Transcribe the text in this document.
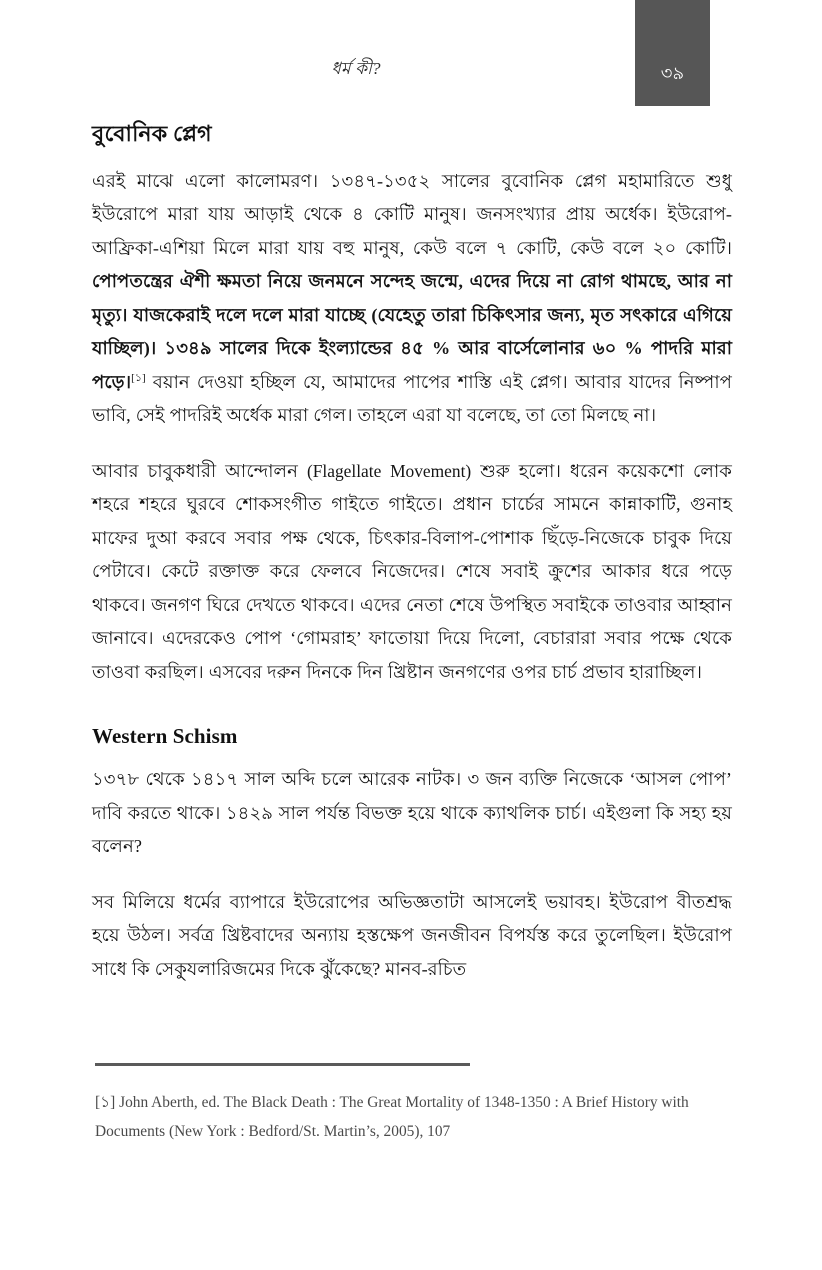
ধর্ম কী?	৩৯
বুবোনিক প্লেগ

এরই মাঝে এলো কালোমরণ। ১৩৪৭-১৩৫২ সালের বুবোনিক প্লেগ মহামারিতে শুধু ইউরোপে মারা যায় আড়াই থেকে ৪ কোটি মানুষ। জনসংখ্যার প্রায় অর্ধেক। ইউরোপ-আফ্রিকা-এশিয়া মিলে মারা যায় বহু মানুষ, কেউ বলে ৭ কোটি, কেউ বলে ২০ কোটি। পোপতন্ত্রের ঐশী ক্ষমতা নিয়ে জনমনে সন্দেহ জন্মে, এদের দিয়ে না রোগ থামছে, আর না মৃত্যু। যাজকেরাই দলে দলে মারা যাচ্ছে (যেহেতু তারা চিকিৎসার জন্য, মৃত সৎকারে এগিয়ে যাচ্ছিল)। ১৩৪৯ সালের দিকে ইংল্যান্ডের ৪৫ % আর বার্সেলোনার ৬০ % পাদরি মারা পড়ে।[১] বয়ান দেওয়া হচ্ছিল যে, আমাদের পাপের শাস্তি এই প্লেগ। আবার যাদের নিষ্পাপ ভাবি, সেই পাদরিই অর্ধেক মারা গেল। তাহলে এরা যা বলেছে, তা তো মিলছে না।

আবার চাবুকধারী আন্দোলন (Flagellate Movement) শুরু হলো। ধরেন কয়েকশো লোক শহরে শহরে ঘুরবে শোকসংগীত গাইতে গাইতে। প্রধান চার্চের সামনে কান্নাকাটি, গুনাহ মাফের দুআ করবে সবার পক্ষ থেকে, চিৎকার-বিলাপ-পোশাক ছিঁড়ে-নিজেকে চাবুক দিয়ে পেটাবে। কেটে রক্তাক্ত করে ফেলবে নিজেদের। শেষে সবাই ক্রুশের আকার ধরে পড়ে থাকবে। জনগণ ঘিরে দেখতে থাকবে। এদের নেতা শেষে উপস্থিত সবাইকে তাওবার আহ্বান জানাবে। এদেরকেও পোপ ‘গোমরাহ’ ফাতোয়া দিয়ে দিলো, বেচারারা সবার পক্ষে থেকে তাওবা করছিল। এসবের দরুন দিনকে দিন খ্রিষ্টান জনগণের ওপর চার্চ প্রভাব হারাচ্ছিল।

Western Schism

১৩৭৮ থেকে ১৪১৭ সাল অব্দি চলে আরেক নাটক। ৩ জন ব্যক্তি নিজেকে ‘আসল পোপ’ দাবি করতে থাকে। ১৪২৯ সাল পর্যন্ত বিভক্ত হয়ে থাকে ক্যাথলিক চার্চ। এইগুলা কি সহ্য হয় বলেন?

সব মিলিয়ে ধর্মের ব্যাপারে ইউরোপের অভিজ্ঞতাটা আসলেই ভয়াবহ। ইউরোপ বীতশ্রদ্ধ হয়ে উঠল। সর্বত্র খ্রিষ্টবাদের অন্যায় হস্তক্ষেপ জনজীবন বিপর্যস্ত করে তুলেছিল। ইউরোপ সাধে কি সেকু্যলারিজমের দিকে ঝুঁকেছে? মানব-রচিত

[১] John Aberth, ed. The Black Death : The Great Mortality of 1348-1350 : A Brief History with Documents (New York : Bedford/St. Martin’s, 2005), 107
